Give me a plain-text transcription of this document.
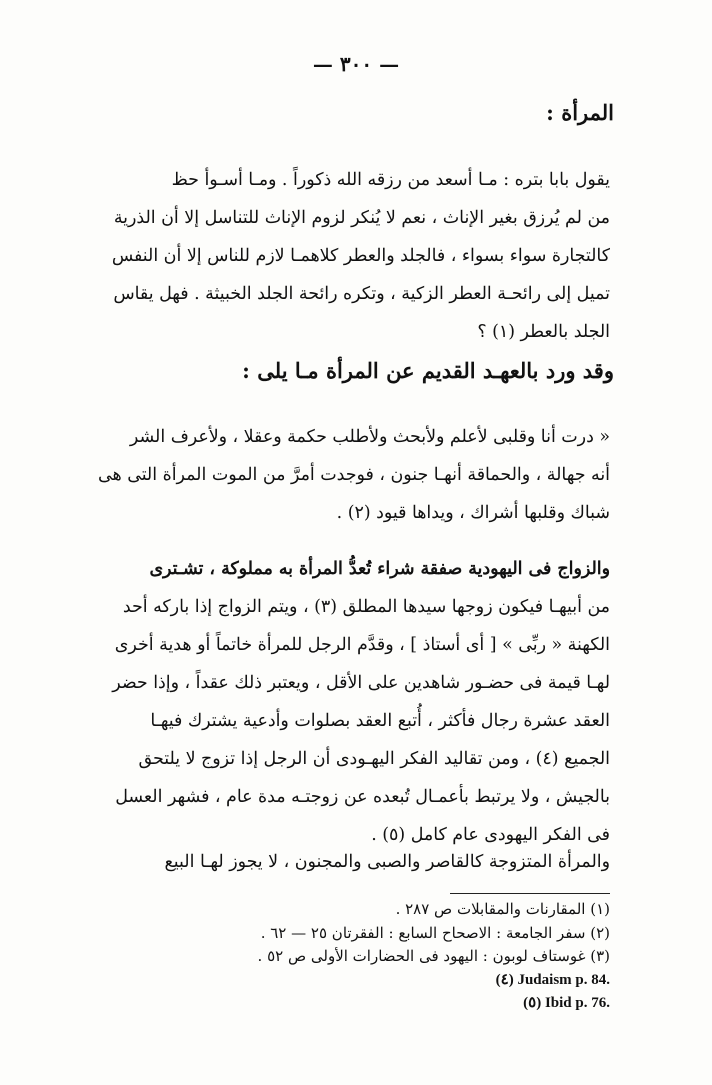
— ٣٠٠ —
المرأة :
يقول بابا بتره : مـا أسعد من رزقه الله ذكوراً . ومـا أسـوأ حظ
من لم يُرزق بغير الإناث ، نعم لا يُنكر لزوم الإناث للتناسل إلا أن الذرية
كالتجارة سواء بسواء ، فالجلد والعطر كلاهمـا لازم للناس إلا أن النفس
تميل إلى رائحـة العطر الزكية ، وتكره رائحة الجلد الخبيثة . فهل يقاس
الجلد بالعطر (١) ؟
وقد ورد بالعهـد القديم عن المرأة مـا يلى :
« درت أنا وقلبى لأعلم ولأبحث ولأطلب حكمة وعقلا ، ولأعرف الشر
أنه جهالة ، والحماقة أنهـا جنون ، فوجدت أمرَّ من الموت المرأة التى هى
شباك وقلبها أشراك ، ويداها قيود (٢) .
والزواج فى اليهودية صفقة شراء تُعدُّ المرأة به مملوكة ، تشـترى
من أبيهـا فيكون زوجها سيدها المطلق (٣) ، ويتم الزواج إذا باركه أحد
الكهنة « ربِّى » [ أى أستاذ ] ، وقدَّم الرجل للمرأة خاتماً أو هدية أخرى
لهـا قيمة فى حضـور شاهدين على الأقل ، ويعتبر ذلك عقداً ، وإذا حضر
العقد عشرة رجال فأكثر ، أُتبع العقد بصلوات وأدعية يشترك فيهـا
الجميع (٤) ، ومن تقاليد الفكر اليهـودى أن الرجل إذا تزوج لا يلتحق
بالجيش ، ولا يرتبط بأعمـال تُبعده عن زوجتـه مدة عام ، فشهر العسل
فى الفكر اليهودى عام كامل (٥) .
والمرأة المتزوجة كالقاصر والصبى والمجنون ، لا يجوز لهـا البيع
(١) المقارنات والمقابلات ص ٢٨٧ .
(٢) سفر الجامعة : الاصحاح السابع : الفقرتان ٢٥ — ٦٢ .
(٣) غوستاف لوبون : اليهود فى الحضارات الأولى ص ٥٢ .
(٤) Judaism p. 84.
(٥) Ibid p. 76.
